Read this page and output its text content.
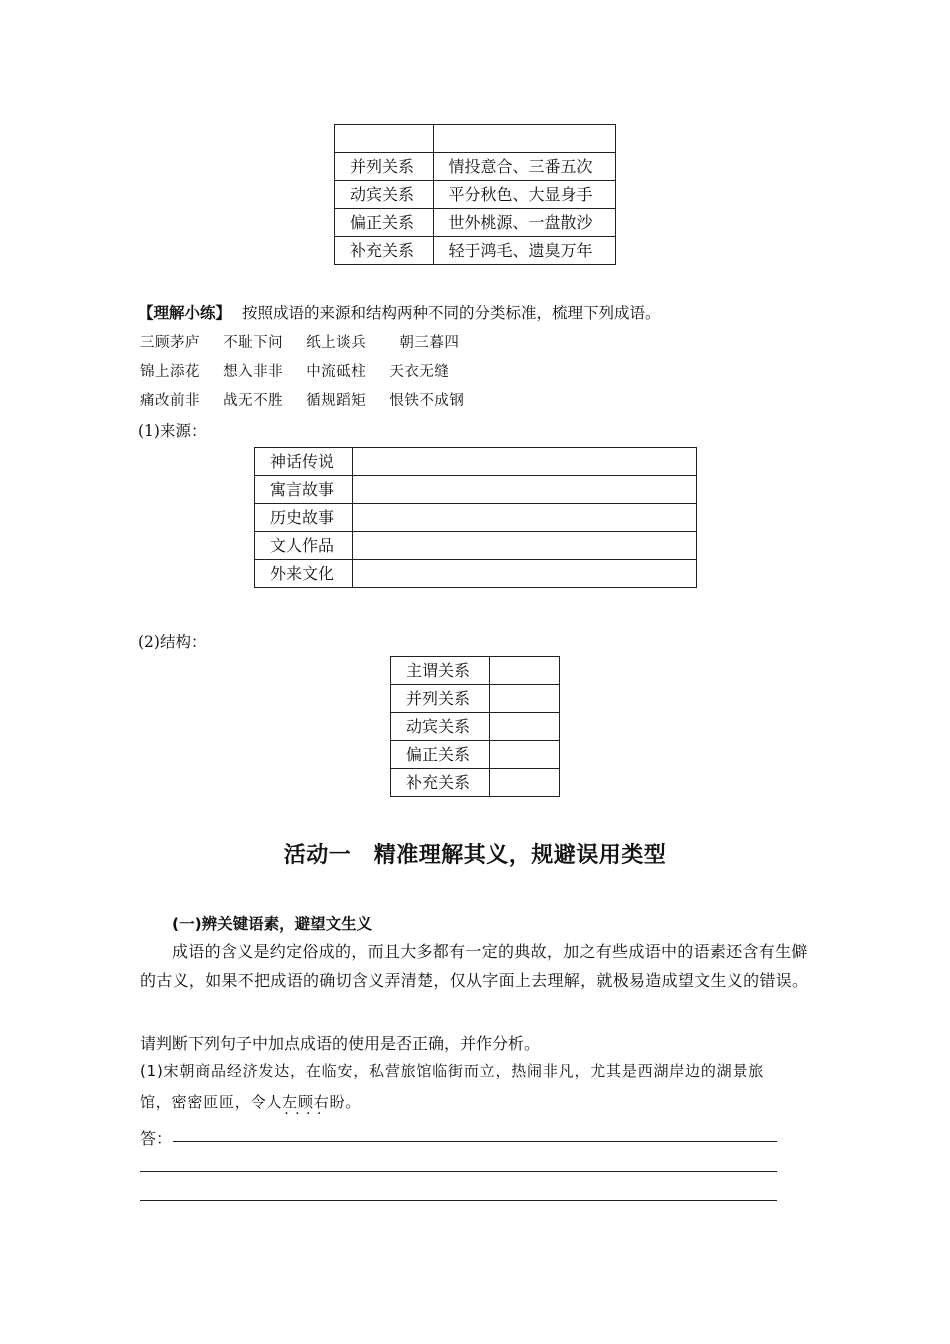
并列关系	情投意合、三番五次
动宾关系	平分秋色、大显身手
偏正关系	世外桃源、一盘散沙
补充关系	轻于鸿毛、遗臭万年
【理解小练】 按照成语的来源和结构两种不同的分类标准，梳理下列成语。
三顾茅庐 不耻下问 纸上谈兵 朝三暮四
锦上添花 想入非非 中流砥柱 天衣无缝
痛改前非 战无不胜 循规蹈矩 恨铁不成钢
(1)来源：
神话传说	
寓言故事	
历史故事	
文人作品	
外来文化	
(2)结构：
主谓关系	
并列关系	
动宾关系	
偏正关系	
补充关系	
活动一　精准理解其义，规避误用类型
(一)辨关键语素，避望文生义
成语的含义是约定俗成的，而且大多都有一定的典故，加之有些成语中的语素还含有生僻的古义，如果不把成语的确切含义弄清楚，仅从字面上去理解，就极易造成望文生义的错误。
请判断下列句子中加点成语的使用是否正确，并作分析。
(1)宋朝商品经济发达，在临安，私营旅馆临街而立，热闹非凡，尤其是西湖岸边的湖景旅
馆，密密匝匝，令人左顾右盼 · · · ·。
答：
